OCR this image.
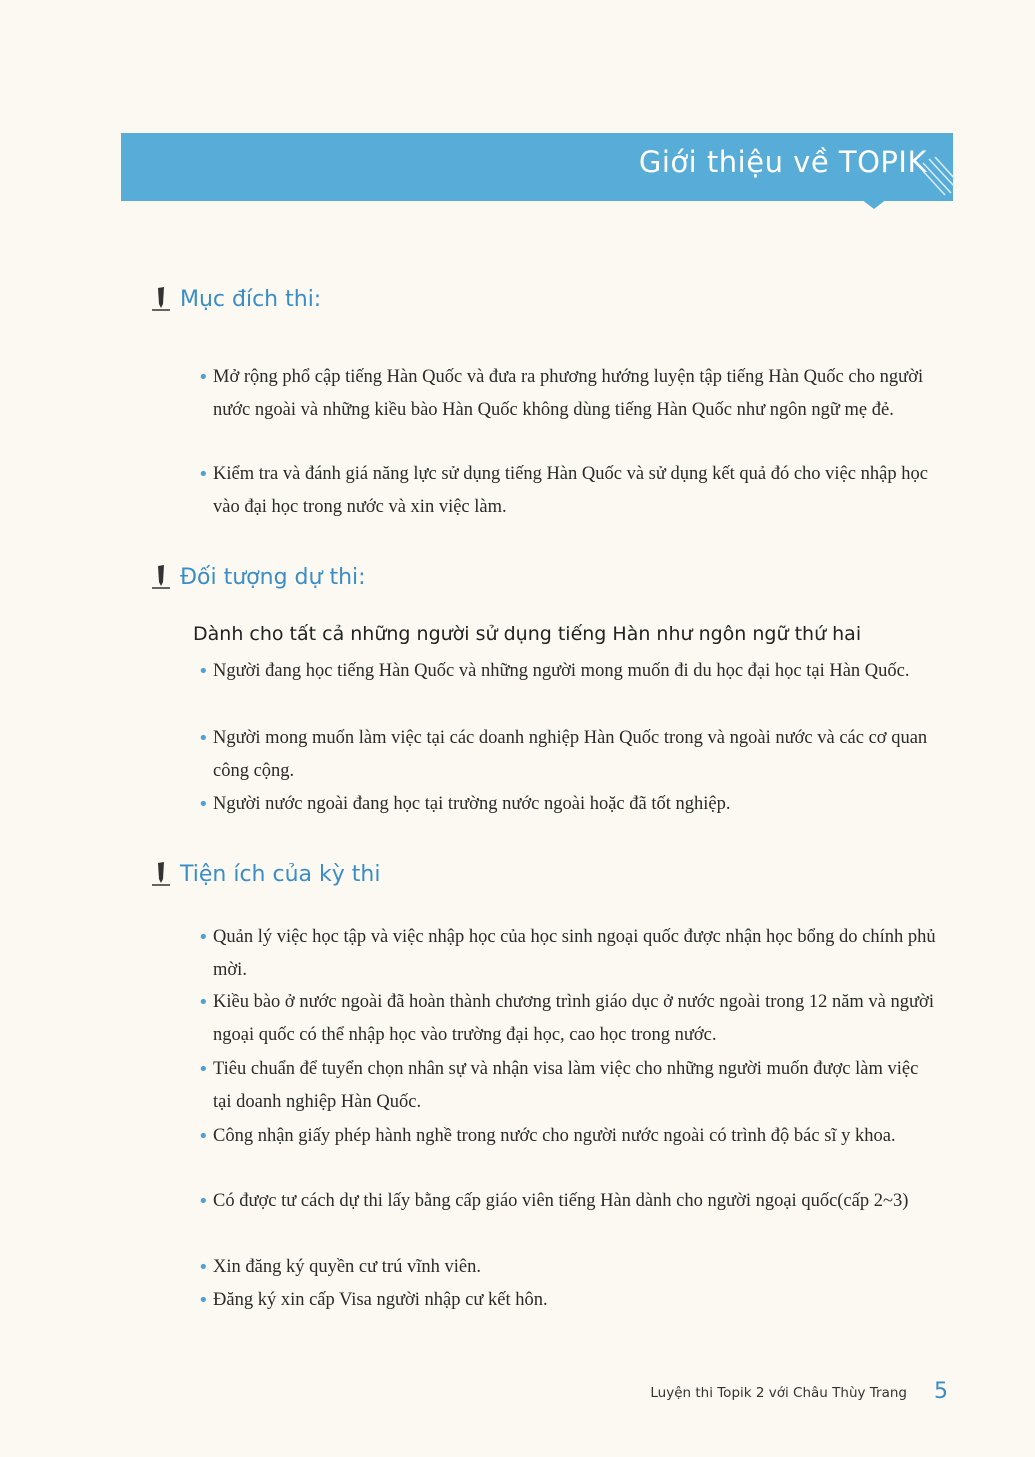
Giới thiệu về TOPIK
Mục đích thi:
• Mở rộng phổ cập tiếng Hàn Quốc và đưa ra phương hướng luyện tập tiếng Hàn Quốc cho người nước ngoài và những kiều bào Hàn Quốc không dùng tiếng Hàn Quốc như ngôn ngữ mẹ đẻ.
• Kiểm tra và đánh giá năng lực sử dụng tiếng Hàn Quốc và sử dụng kết quả đó cho việc nhập học vào đại học trong nước và xin việc làm.
Đối tượng dự thi:
Dành cho tất cả những người sử dụng tiếng Hàn như ngôn ngữ thứ hai
• Người đang học tiếng Hàn Quốc và những người mong muốn đi du học đại học tại Hàn Quốc.
• Người mong muốn làm việc tại các doanh nghiệp Hàn Quốc trong và ngoài nước và các cơ quan công cộng.
• Người nước ngoài đang học tại trường nước ngoài hoặc đã tốt nghiệp.
Tiện ích của kỳ thi
• Quản lý việc học tập và việc nhập học của học sinh ngoại quốc được nhận học bổng do chính phủ mời.
• Kiều bào ở nước ngoài đã hoàn thành chương trình giáo dục ở nước ngoài trong 12 năm và người ngoại quốc có thể nhập học vào trường đại học, cao học trong nước.
• Tiêu chuẩn để tuyển chọn nhân sự và nhận visa làm việc cho những người muốn được làm việc tại doanh nghiệp Hàn Quốc.
• Công nhận giấy phép hành nghề trong nước cho người nước ngoài có trình độ bác sĩ y khoa.
• Có được tư cách dự thi lấy bằng cấp giáo viên tiếng Hàn dành cho người ngoại quốc(cấp 2~3)
• Xin đăng ký quyền cư trú vĩnh viên.
• Đăng ký xin cấp Visa người nhập cư kết hôn.
Luyện thi Topik 2 với Châu Thùy Trang 5
